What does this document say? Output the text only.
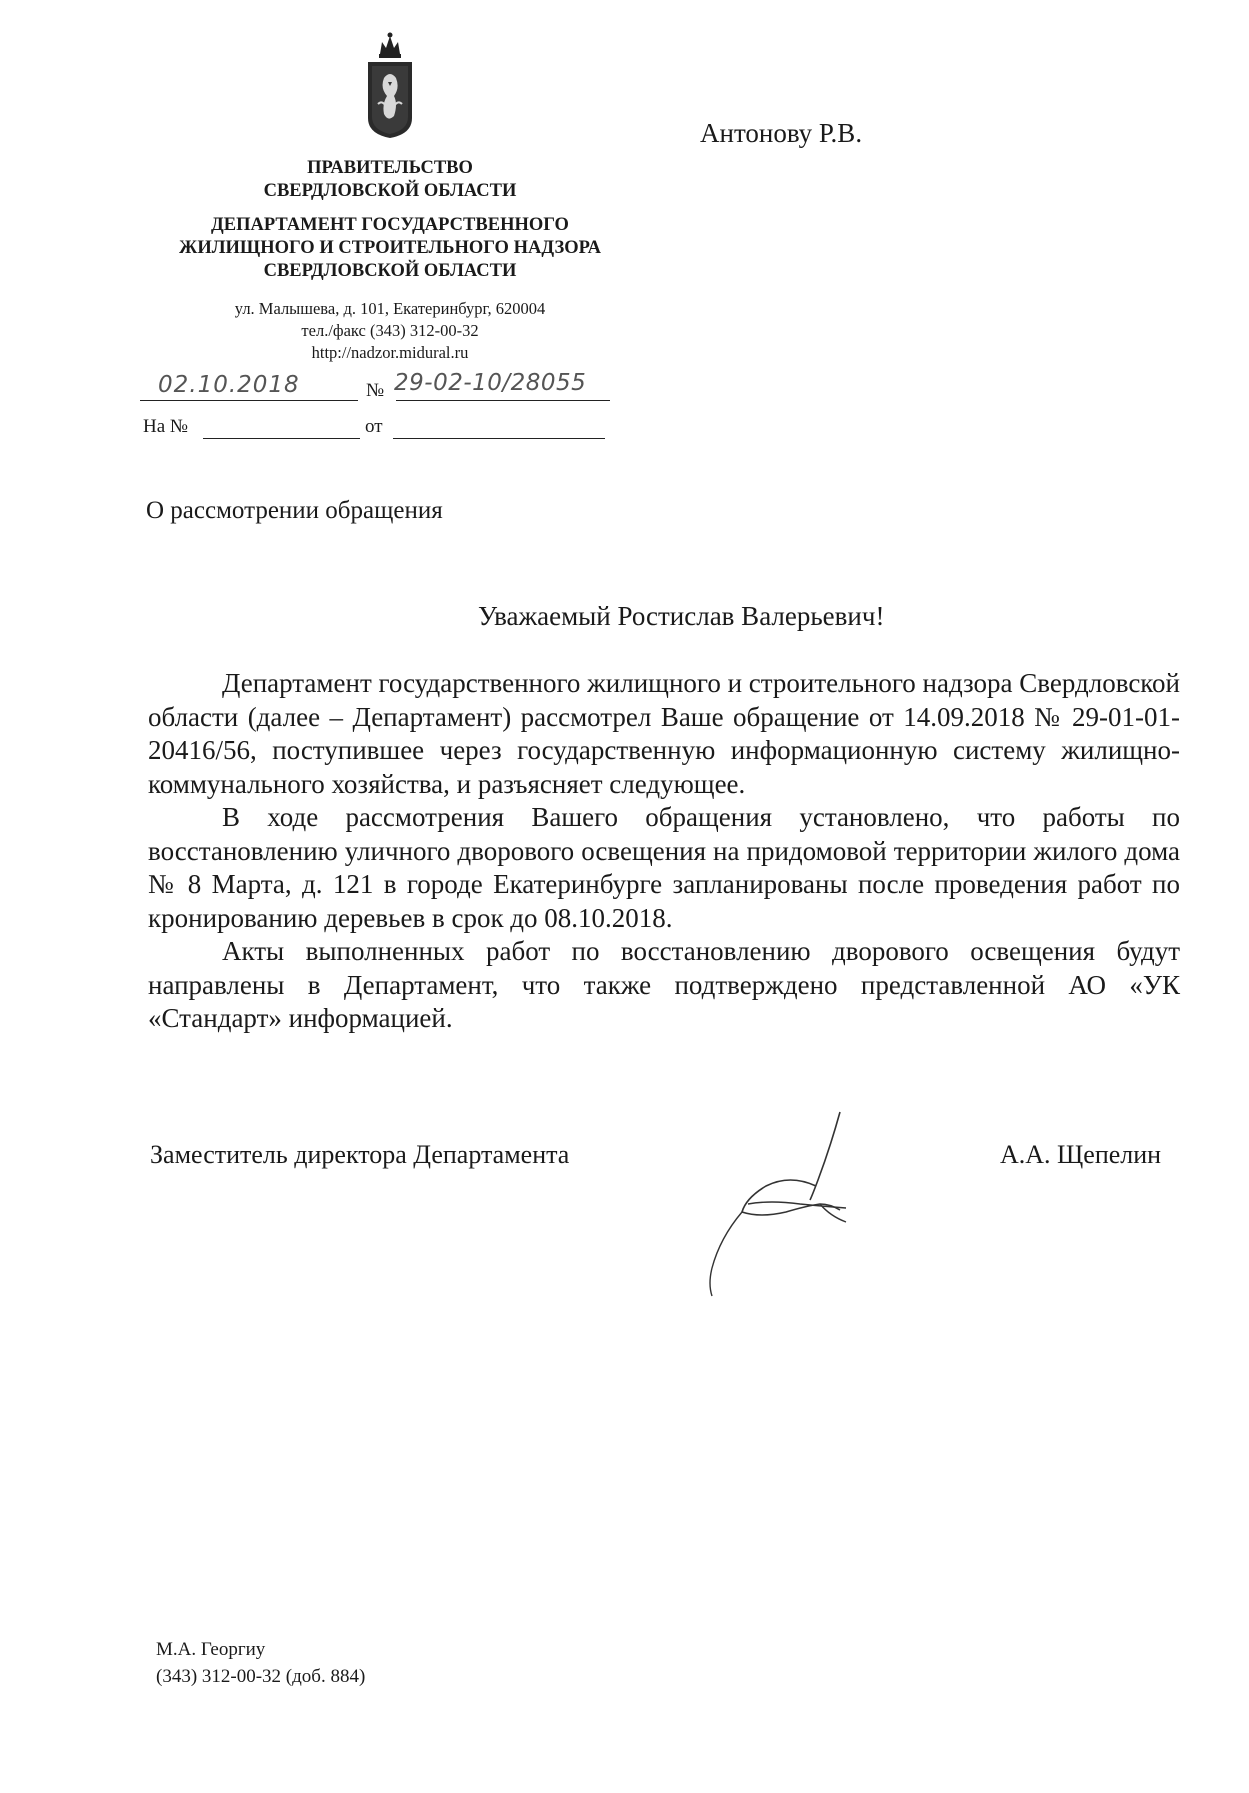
Антонову Р.В.
ПРАВИТЕЛЬСТВО
СВЕРДЛОВСКОЙ ОБЛАСТИ
ДЕПАРТАМЕНТ ГОСУДАРСТВЕННОГО
ЖИЛИЩНОГО И СТРОИТЕЛЬНОГО НАДЗОРА
СВЕРДЛОВСКОЙ ОБЛАСТИ
ул. Малышева, д. 101, Екатеринбург, 620004
тел./факс (343) 312-00-32
http://nadzor.midural.ru
02.10.2018	№ 29-02-10/28055
На №	от
О рассмотрении обращения
Уважаемый Ростислав Валерьевич!

Департамент государственного жилищного и строительного надзора Свердловской области (далее – Департамент) рассмотрел Ваше обращение от 14.09.2018 № 29-01-01-20416/56, поступившее через государственную информационную систему жилищно-коммунального хозяйства, и разъясняет следующее.

В ходе рассмотрения Вашего обращения установлено, что работы по восстановлению уличного дворового освещения на придомовой территории жилого дома № 8 Марта, д. 121 в городе Екатеринбурге запланированы после проведения работ по кронированию деревьев в срок до 08.10.2018.

Акты выполненных работ по восстановлению дворового освещения будут направлены в Департамент, что также подтверждено представленной АО «УК «Стандарт» информацией.

Заместитель директора Департамента	А.А. Щепелин
М.А. Георгиу
(343) 312-00-32 (доб. 884)
